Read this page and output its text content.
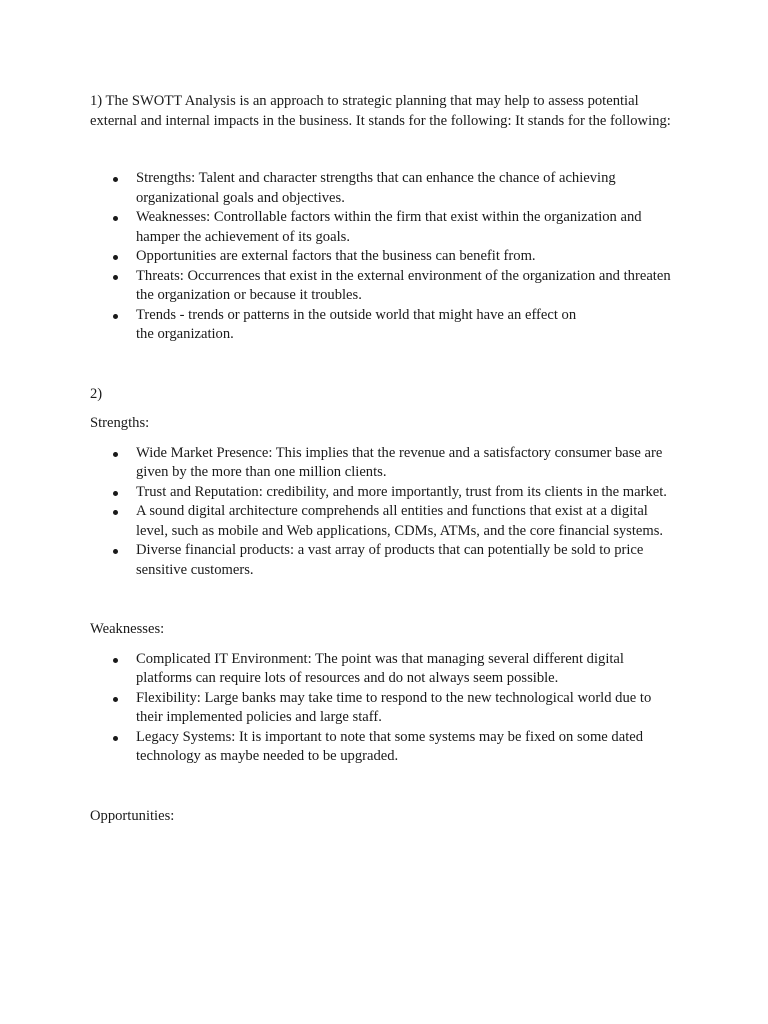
1) The SWOTT Analysis is an approach to strategic planning that may help to assess potential external and internal impacts in the business. It stands for the following: It stands for the following:

Strengths: Talent and character strengths that can enhance the chance of achieving organizational goals and objectives.
Weaknesses: Controllable factors within the firm that exist within the organization and hamper the achievement of its goals.
Opportunities are external factors that the business can benefit from.
Threats: Occurrences that exist in the external environment of the organization and threaten the organization or because it troubles.
Trends - trends or patterns in the outside world that might have an effect on
the organization.

2)

Strengths:

Wide Market Presence: This implies that the revenue and a satisfactory consumer base are given by the more than one million clients.
Trust and Reputation: credibility, and more importantly, trust from its clients in the market.
A sound digital architecture comprehends all entities and functions that exist at a digital level, such as mobile and Web applications, CDMs, ATMs, and the core financial systems.
Diverse financial products: a vast array of products that can potentially be sold to price sensitive customers.

Weaknesses:

Complicated IT Environment: The point was that managing several different digital platforms can require lots of resources and do not always seem possible.
Flexibility: Large banks may take time to respond to the new technological world due to their implemented policies and large staff.
Legacy Systems: It is important to note that some systems may be fixed on some dated technology as maybe needed to be upgraded.

Opportunities:
